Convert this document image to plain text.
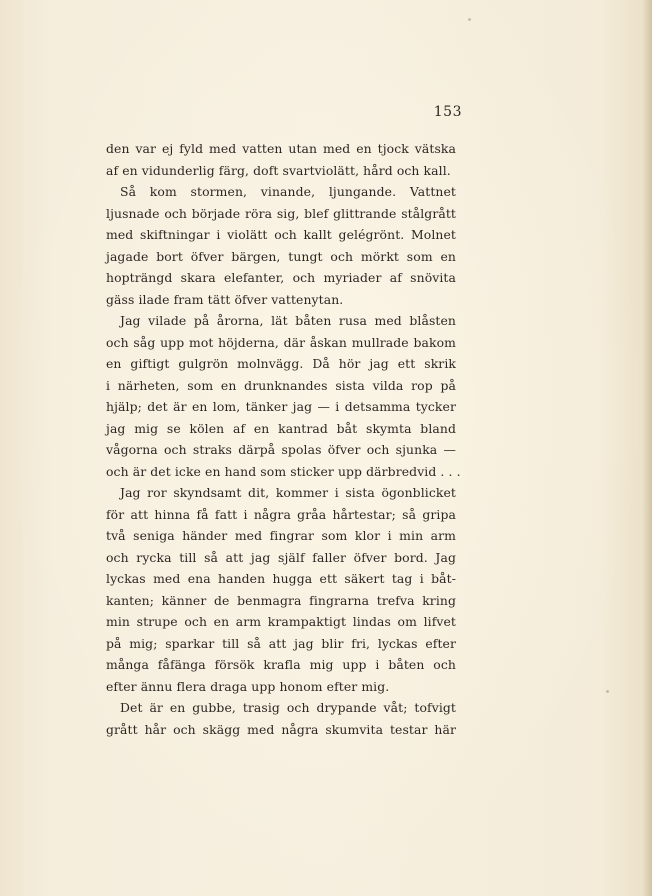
153
den var ej fyld med vatten utan med en tjock vätska
af en vidunderlig färg, doft svartviolätt, hård och kall.
Så kom stormen, vinande, ljungande. Vattnet
ljusnade och började röra sig, blef glittrande stålgrått
med skiftningar i violätt och kallt gelégrönt. Molnet
jagade bort öfver bärgen, tungt och mörkt som en
hopträngd skara elefanter, och myriader af snövita
gäss ilade fram tätt öfver vattenytan.
Jag vilade på årorna, lät båten rusa med blåsten
och såg upp mot höjderna, där åskan mullrade bakom
en giftigt gulgrön molnvägg. Då hör jag ett skrik
i närheten, som en drunknandes sista vilda rop på
hjälp; det är en lom, tänker jag — i detsamma tycker
jag mig se kölen af en kantrad båt skymta bland
vågorna och straks därpå spolas öfver och sjunka —
och är det icke en hand som sticker upp därbredvid . . .
Jag ror skyndsamt dit, kommer i sista ögonblicket
för att hinna få fatt i några gråa hårtestar; så gripa
två seniga händer med fingrar som klor i min arm
och rycka till så att jag själf faller öfver bord. Jag
lyckas med ena handen hugga ett säkert tag i båt-
kanten; känner de benmagra fingrarna trefva kring
min strupe och en arm krampaktigt lindas om lifvet
på mig; sparkar till så att jag blir fri, lyckas efter
många fåfänga försök krafla mig upp i båten och
efter ännu flera draga upp honom efter mig.
Det är en gubbe, trasig och drypande våt; tofvigt
grått hår och skägg med några skumvita testar här
